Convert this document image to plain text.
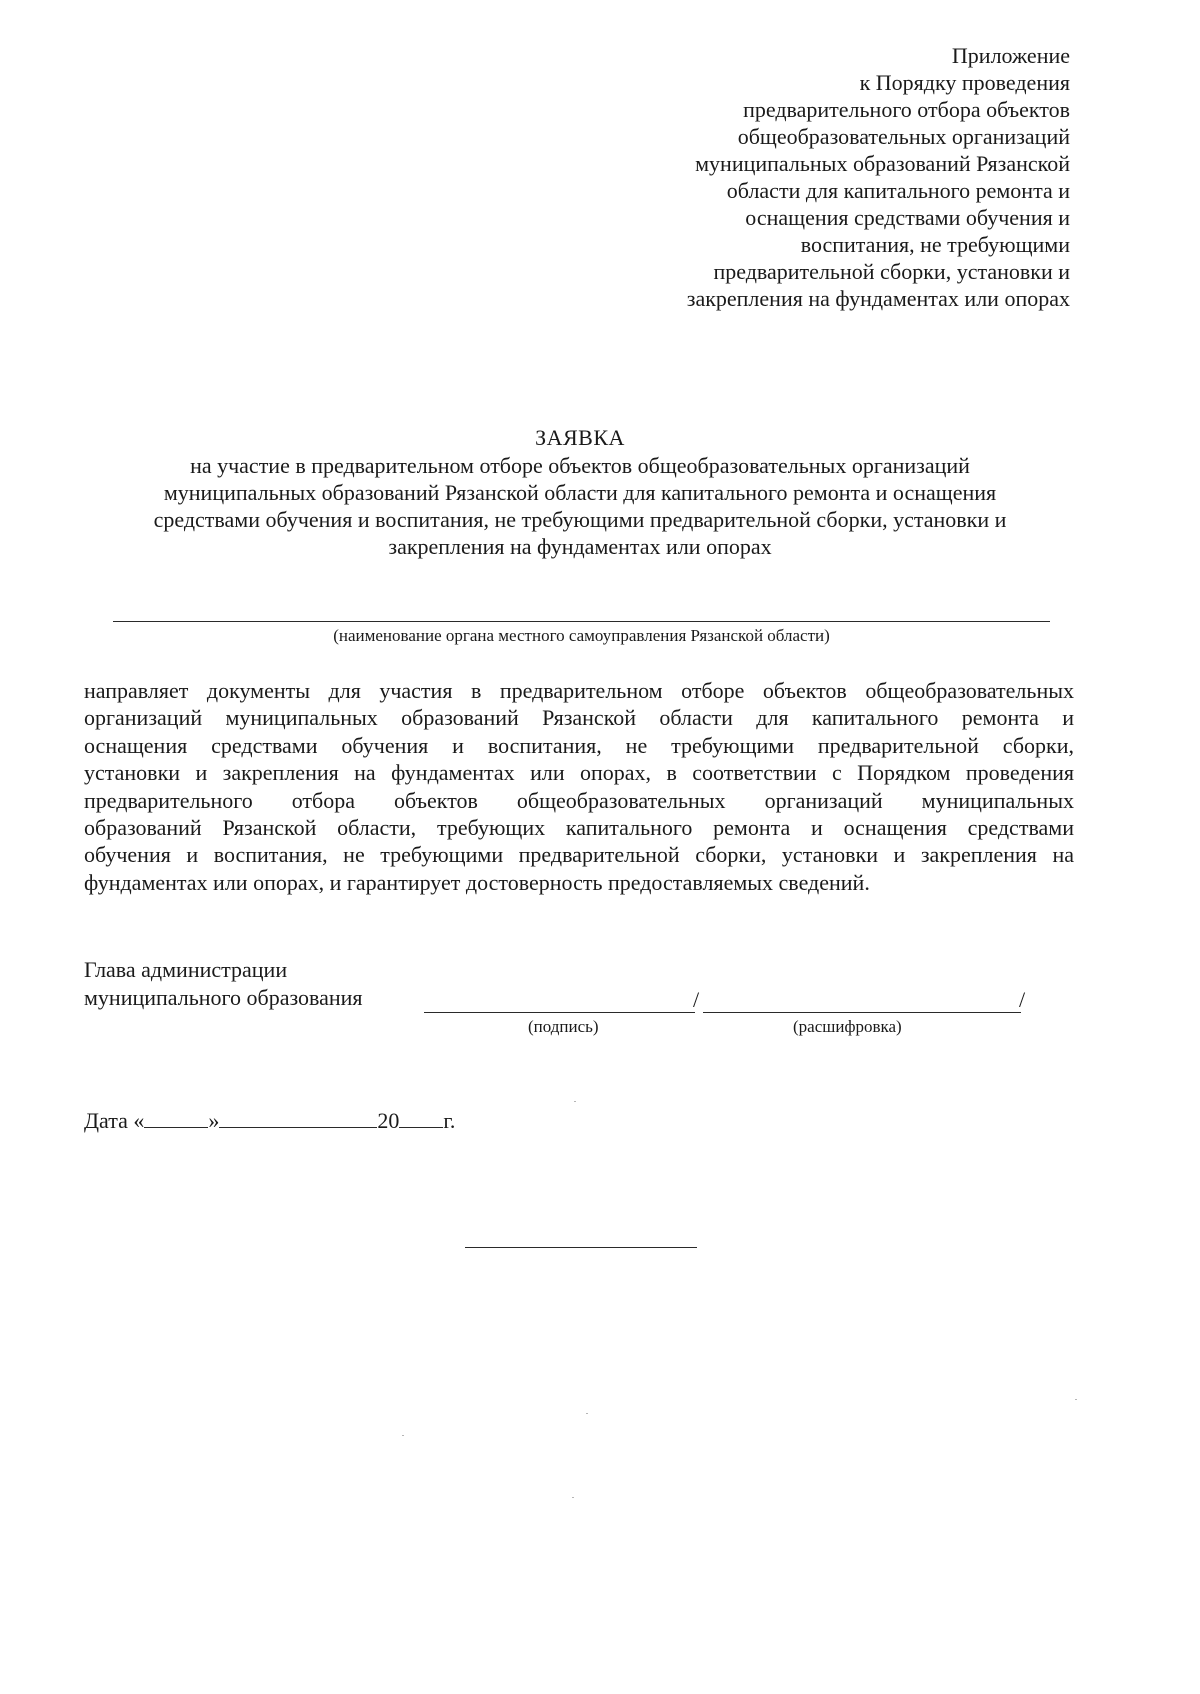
Приложение
к Порядку проведения
предварительного отбора объектов
общеобразовательных организаций
муниципальных образований Рязанской
области для капитального ремонта и
оснащения средствами обучения и
воспитания, не требующими
предварительной сборки, установки и
закрепления на фундаментах или опорах
ЗАЯВКА
на участие в предварительном отборе объектов общеобразовательных организаций
муниципальных образований Рязанской области для капитального ремонта и оснащения
средствами обучения и воспитания, не требующими предварительной сборки, установки и
закрепления на фундаментах или опорах
(наименование органа местного самоуправления Рязанской области)
направляет документы для участия в предварительном отборе объектов общеобразовательных
организаций муниципальных образований Рязанской области для капитального ремонта и
оснащения средствами обучения и воспитания, не требующими предварительной сборки,
установки и закрепления на фундаментах или опорах, в соответствии с Порядком проведения
предварительного отбора объектов общеобразовательных организаций муниципальных
образований Рязанской области, требующих капитального ремонта и оснащения средствами
обучения и воспитания, не требующими предварительной сборки, установки и закрепления на
фундаментах или опорах, и гарантирует достоверность предоставляемых сведений.
Глава администрации
муниципального образования	/	/
(подпись)	(расшифровка)
Дата «	»	20 г.
